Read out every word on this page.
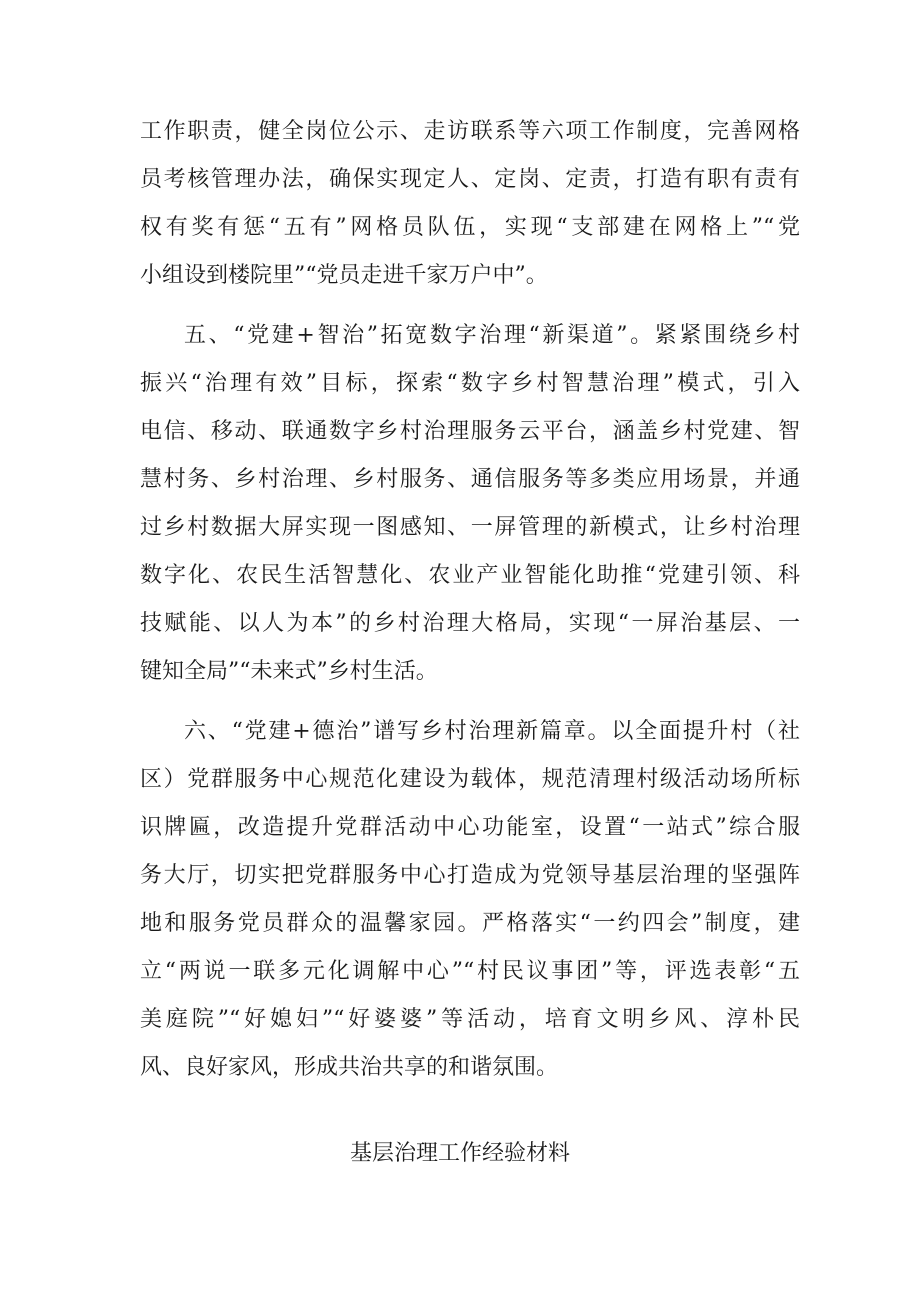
工作职责，健全岗位公示、走访联系等六项工作制度，完善网格
员考核管理办法，确保实现定人、定岗、定责，打造有职有责有
权有奖有惩“五有”网格员队伍，实现“支部建在网格上”“党
小组设到楼院里”“党员走进千家万户中”。
五、“党建+智治”拓宽数字治理“新渠道”。紧紧围绕乡村
振兴“治理有效”目标，探索“数字乡村智慧治理”模式，引入
电信、移动、联通数字乡村治理服务云平台，涵盖乡村党建、智
慧村务、乡村治理、乡村服务、通信服务等多类应用场景，并通
过乡村数据大屏实现一图感知、一屏管理的新模式，让乡村治理
数字化、农民生活智慧化、农业产业智能化助推“党建引领、科
技赋能、以人为本”的乡村治理大格局，实现“一屏治基层、一
键知全局”“未来式”乡村生活。
六、“党建+德治”谱写乡村治理新篇章。以全面提升村（社
区）党群服务中心规范化建设为载体，规范清理村级活动场所标
识牌匾，改造提升党群活动中心功能室，设置“一站式”综合服
务大厅，切实把党群服务中心打造成为党领导基层治理的坚强阵
地和服务党员群众的温馨家园。严格落实“一约四会”制度，建
立“两说一联多元化调解中心”“村民议事团”等，评选表彰“五
美庭院”“好媳妇”“好婆婆”等活动，培育文明乡风、淳朴民
风、良好家风，形成共治共享的和谐氛围。
基层治理工作经验材料
